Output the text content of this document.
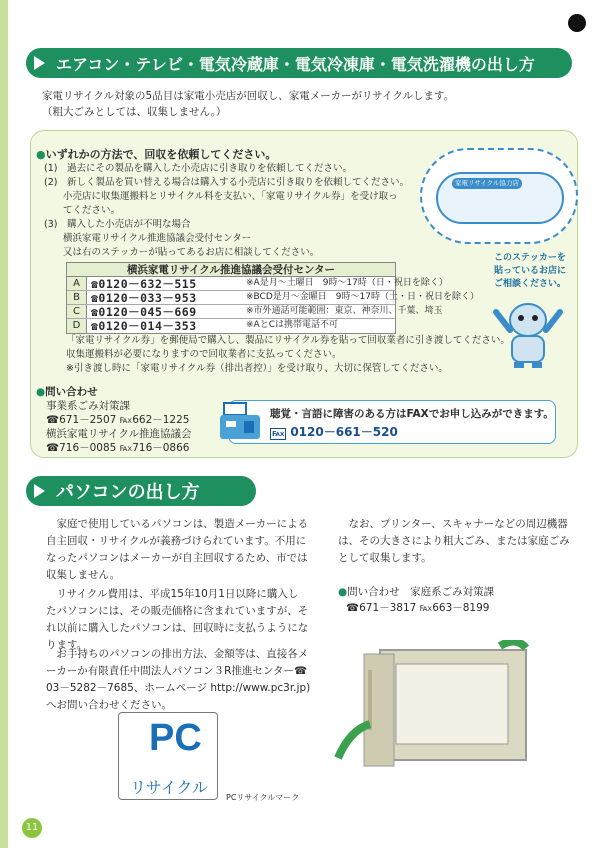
エアコン・テレビ・電気冷蔵庫・電気冷凍庫・電気洗濯機の出し方
家電リサイクル対象の5品目は家電小売店が回収し、家電メーカーがリサイクルします。
（粗大ごみとしては、収集しません。）
●いずれかの方法で、回収を依頼してください。
(1)　過去にその製品を購入した小売店に引き取りを依頼してください。
(2)　新しく製品を買い替える場合は購入する小売店に引き取りを依頼してください。
　　小売店に収集運搬料とリサイクル料を支払い、「家電リサイクル券」を受け取っ
　　てください。
(3)　購入した小売店が不明な場合
　　横浜家電リサイクル推進協議会受付センター
　　又は右のステッカーが貼ってあるお店に相談してください。
横浜家電リサイクル推進協議会受付センター
A ☎0120－632－515
B ☎0120－033－953
C ☎0120－045－669
D ☎0120－014－353
※A是月～土曜日　9時～17時（日・祝日を除く）
※BCD是月～金曜日　9時～17時（土・日・祝日を除く）
※市外通話可能範囲：東京、神奈川、千葉、埼玉
※AとCは携帯電話不可
「家電リサイクル券」を郵便局で購入し、製品にリサイクル券を貼って回収業者に引き渡してください。
収集運搬料が必要になりますので回収業者に支払ってください。
※引き渡し時に「家電リサイクル券（排出者控）」を受け取り、大切に保管してください。
家電リサイクル協力店
このステッカーを
貼っているお店に
ご相談ください。
●問い合わせ
事業系ごみ対策課
☎671－2507 ℻662－1225
横浜家電リサイクル推進協議会
☎716－0085 ℻716－0866
聴覚・言語に障害のある方はFAXでお申し込みができます。
℻ 0120－661－520
パソコンの出し方
　家庭で使用しているパソコンは、製造メーカーによる
自主回収・リサイクルが義務づけられています。不用に
なったパソコンはメーカーが自主回収するため、市では
収集しません。
　リサイクル費用は、平成15年10月1日以降に購入し
たパソコンには、その販売価格に含まれていますが、そ
れ以前に購入したパソコンは、回収時に支払うようにな
ります。
　お手持ちのパソコンの排出方法、金額等は、直接各メ
ーカーか有限責任中間法人パソコン３R推進センター☎
03－5282－7685、ホームページ http://www.pc3r.jp)
へお問い合わせください。
　なお、プリンター、スキャナーなどの周辺機器
は、その大きさにより粗大ごみ、または家庭ごみ
として収集します。
●問い合わせ　家庭系ごみ対策課
☎671－3817 ℻663－8199
PC
リサイクル
PCリサイクルマーク
11
